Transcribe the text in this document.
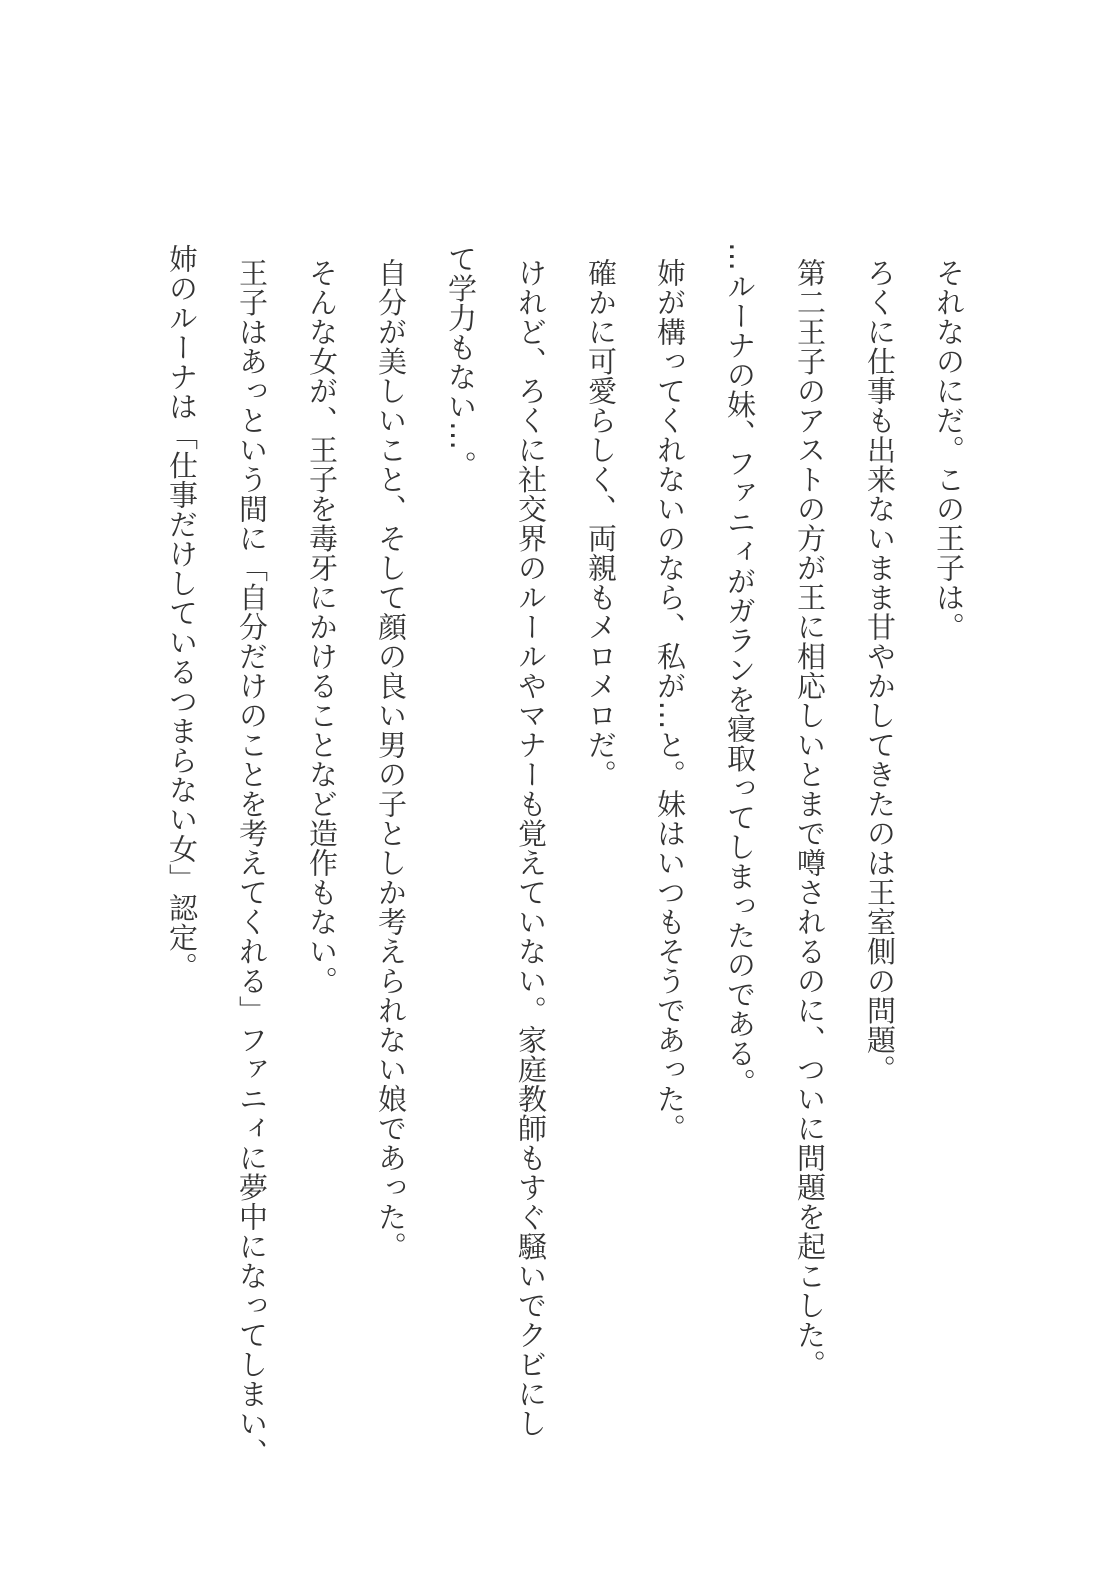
それなのにだ。この王子は。
ろくに仕事も出来ないまま甘やかしてきたのは王室側の問題。
第二王子のアストの方が王に相応しいとまで噂されるのに、ついに問題を起こした。
…ルーナの妹、ファニィがガランを寝取ってしまったのである。
姉が構ってくれないのなら、私が…と。妹はいつもそうであった。
確かに可愛らしく、両親もメロメロだ。
けれど、ろくに社交界のルールやマナーも覚えていない。家庭教師もすぐ騒いでクビにし
て学力もない…。
自分が美しいこと、そして顔の良い男の子としか考えられない娘であった。
そんな女が、王子を毒牙にかけることなど造作もない。
王子はあっという間に「自分だけのことを考えてくれる」ファニィに夢中になってしまい、
姉のルーナは「仕事だけしているつまらない女」認定。
